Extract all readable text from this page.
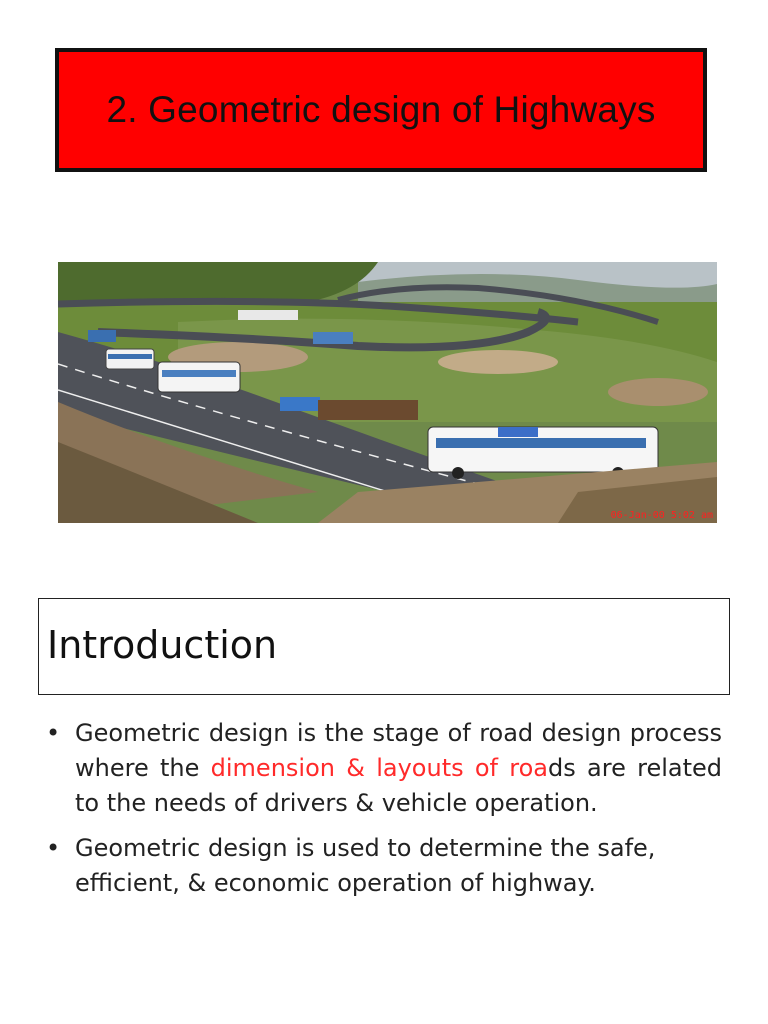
2. Geometric design of Highways
06-Jan-00 5:02 am
Introduction
• Geometric design is the stage of road design process where the dimension & layouts of roads are related to the needs of drivers & vehicle operation.
• Geometric design is used to determine the safe, efficient, & economic operation of highway.
